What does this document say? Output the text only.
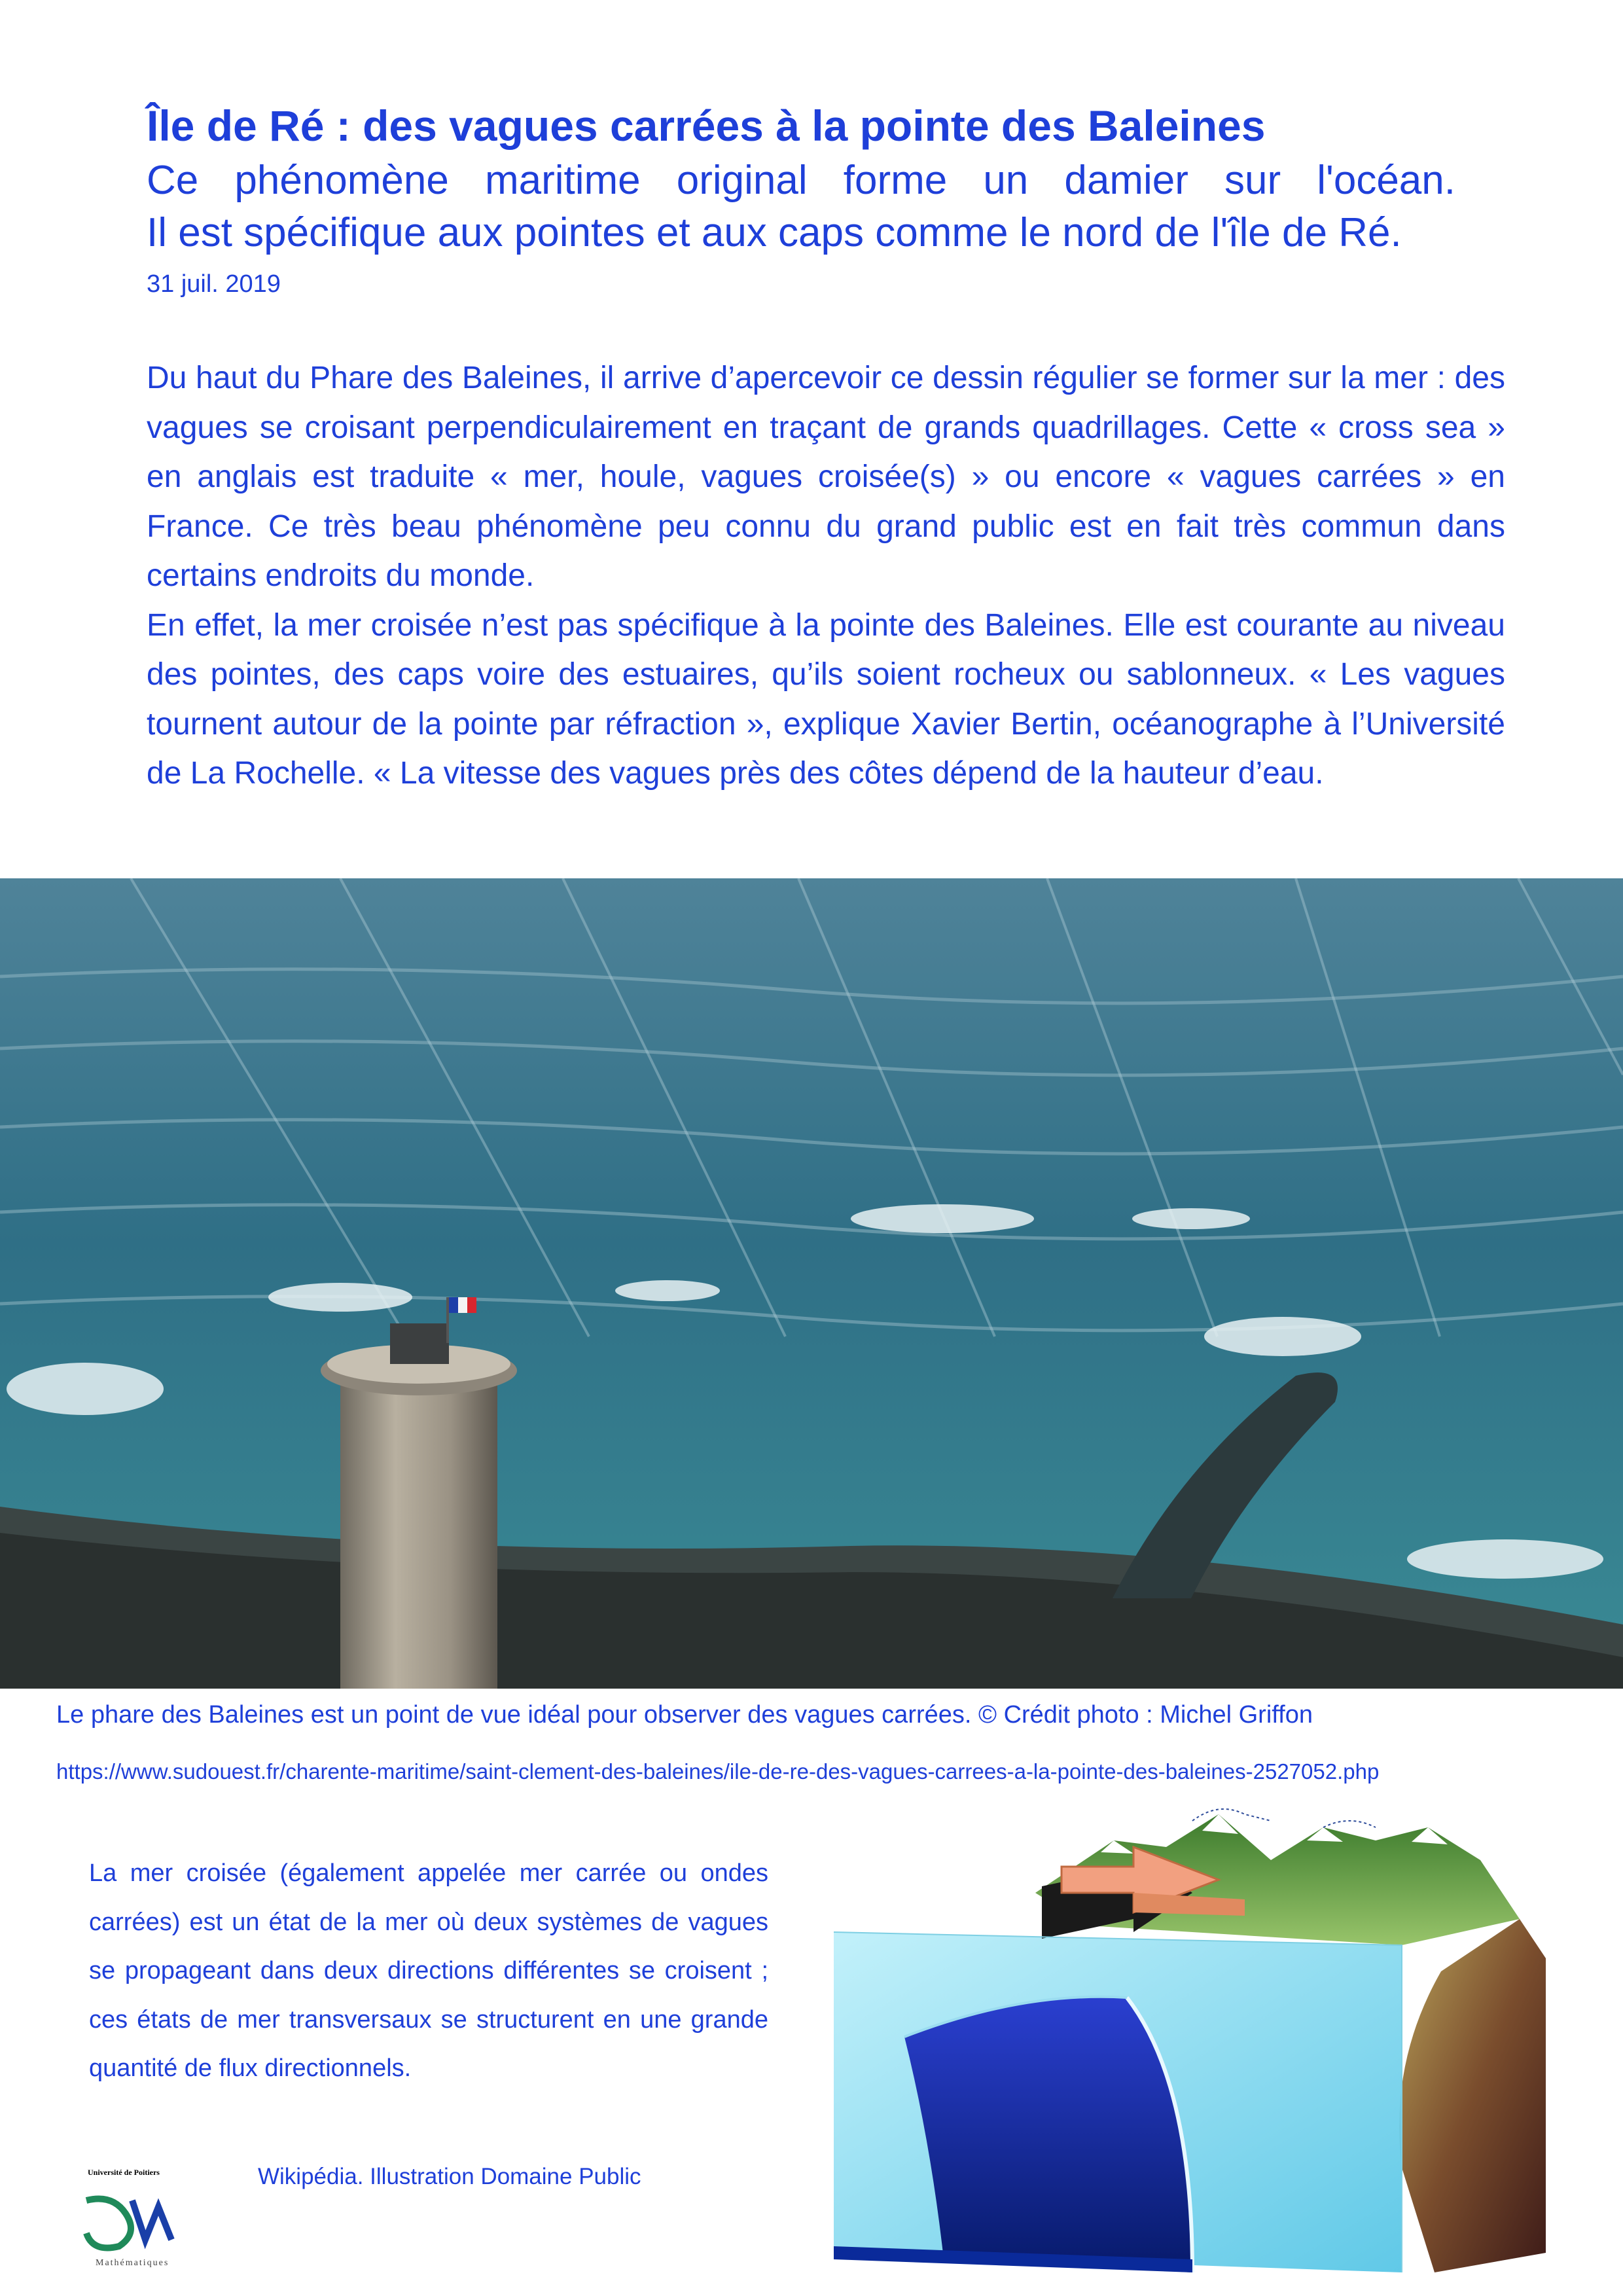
Île de Ré : des vagues carrées à la pointe des Baleines
Ce phénomène maritime original forme un damier sur l'océan.
Il est spécifique aux pointes et aux caps comme le nord de l'île de Ré.
31 juil. 2019

Du haut du Phare des Baleines, il arrive d’apercevoir ce dessin régulier se former sur la mer : des vagues se croisant perpendiculairement en traçant de grands quadrillages. Cette « cross sea » en anglais est traduite « mer, houle, vagues croisée(s) » ou encore « vagues carrées » en France. Ce très beau phénomène peu connu du grand public est en fait très commun dans certains endroits du monde.

En effet, la mer croisée n’est pas spécifique à la pointe des Baleines. Elle est courante au niveau des pointes, des caps voire des estuaires, qu’ils soient rocheux ou sablonneux. « Les vagues tournent autour de la pointe par réfraction », explique Xavier Bertin, océanographe à l’Université de La Rochelle. « La vitesse des vagues près des côtes dépend de la hauteur d’eau.

Le phare des Baleines est un point de vue idéal pour observer des vagues carrées. © Crédit photo : Michel Griffon
https://www.sudouest.fr/charente-maritime/saint-clement-des-baleines/ile-de-re-des-vagues-carrees-a-la-pointe-des-baleines-2527052.php
La mer croisée (également appelée mer carrée ou ondes carrées) est un état de la mer où deux systèmes de vagues se propageant dans deux directions différentes se croisent ; ces états de mer transversaux se structurent en une grande quantité de flux directionnels.
Wikipédia. Illustration Domaine Public
Université de Poitiers
Mathématiques
